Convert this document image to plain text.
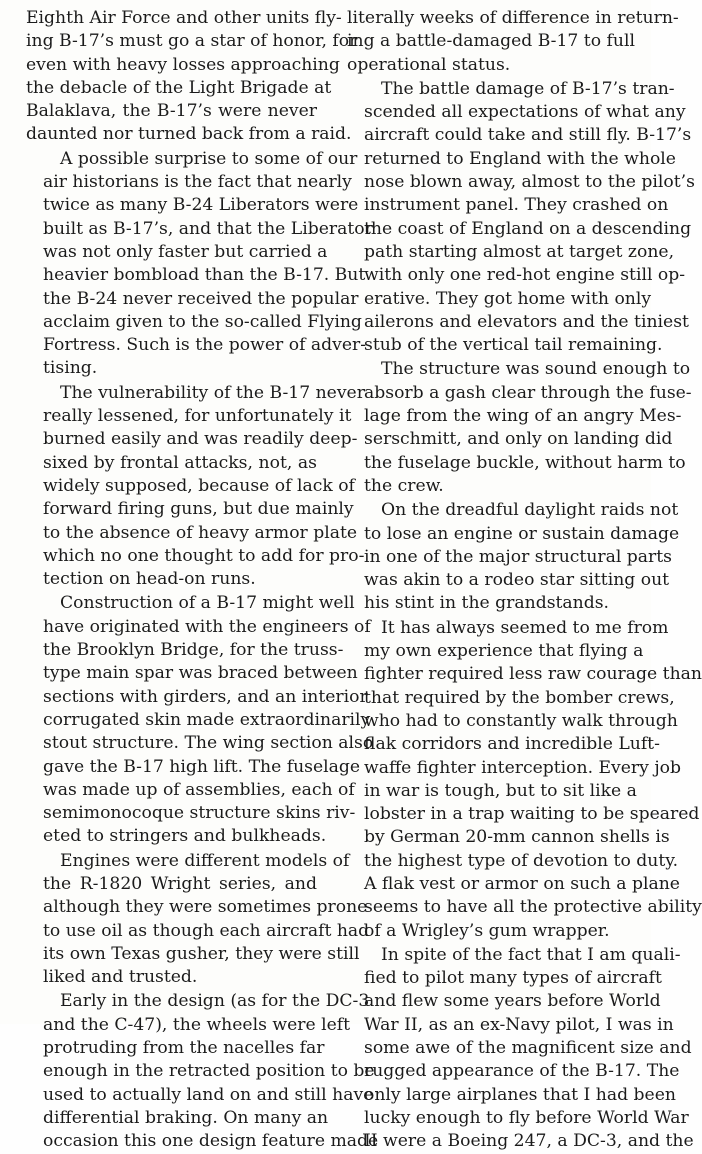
Eighth Air Force and other units fly-
ing B-17’s must go a star of honor, for
even with heavy losses approaching
the debacle of the Light Brigade at
Balaklava, the B-17’s were never
daunted nor turned back from a raid.
A possible surprise to some of our
air historians is the fact that nearly
twice as many B-24 Liberators were
built as B-17’s, and that the Liberator
was not only faster but carried a
heavier bombload than the B-17. But
the B-24 never received the popular
acclaim given to the so-called Flying
Fortress. Such is the power of adver-
tising.
The vulnerability of the B-17 never
really lessened, for unfortunately it
burned easily and was readily deep-
sixed by frontal attacks, not, as
widely supposed, because of lack of
forward firing guns, but due mainly
to the absence of heavy armor plate
which no one thought to add for pro-
tection on head-on runs.
Construction of a B-17 might well
have originated with the engineers of
the Brooklyn Bridge, for the truss-
type main spar was braced between
sections with girders, and an interior
corrugated skin made extraordinarily
stout structure. The wing section also
gave the B-17 high lift. The fuselage
was made up of assemblies, each of
semimonocoque structure skins riv-
eted to stringers and bulkheads.
Engines were different models of
the R-1820 Wright series, and
although they were sometimes prone
to use oil as though each aircraft had
its own Texas gusher, they were still
liked and trusted.
Early in the design (as for the DC-3
and the C-47), the wheels were left
protruding from the nacelles far
enough in the retracted position to be
used to actually land on and still have
differential braking. On many an
occasion this one design feature made
literally weeks of difference in return-
ing a battle-damaged B-17 to full
operational status.
The battle damage of B-17’s tran-
scended all expectations of what any
aircraft could take and still fly. B-17’s
returned to England with the whole
nose blown away, almost to the pilot’s
instrument panel. They crashed on
the coast of England on a descending
path starting almost at target zone,
with only one red-hot engine still op-
erative. They got home with only
ailerons and elevators and the tiniest
stub of the vertical tail remaining.
The structure was sound enough to
absorb a gash clear through the fuse-
lage from the wing of an angry Mes-
serschmitt, and only on landing did
the fuselage buckle, without harm to
the crew.
On the dreadful daylight raids not
to lose an engine or sustain damage
in one of the major structural parts
was akin to a rodeo star sitting out
his stint in the grandstands.
It has always seemed to me from
my own experience that flying a
fighter required less raw courage than
that required by the bomber crews,
who had to constantly walk through
flak corridors and incredible Luft-
waffe fighter interception. Every job
in war is tough, but to sit like a
lobster in a trap waiting to be speared
by German 20-mm cannon shells is
the highest type of devotion to duty.
A flak vest or armor on such a plane
seems to have all the protective ability
of a Wrigley’s gum wrapper.
In spite of the fact that I am quali-
fied to pilot many types of aircraft
and flew some years before World
War II, as an ex-Navy pilot, I was in
some awe of the magnificent size and
rugged appearance of the B-17. The
only large airplanes that I had been
lucky enough to fly before World War
II were a Boeing 247, a DC-3, and the
